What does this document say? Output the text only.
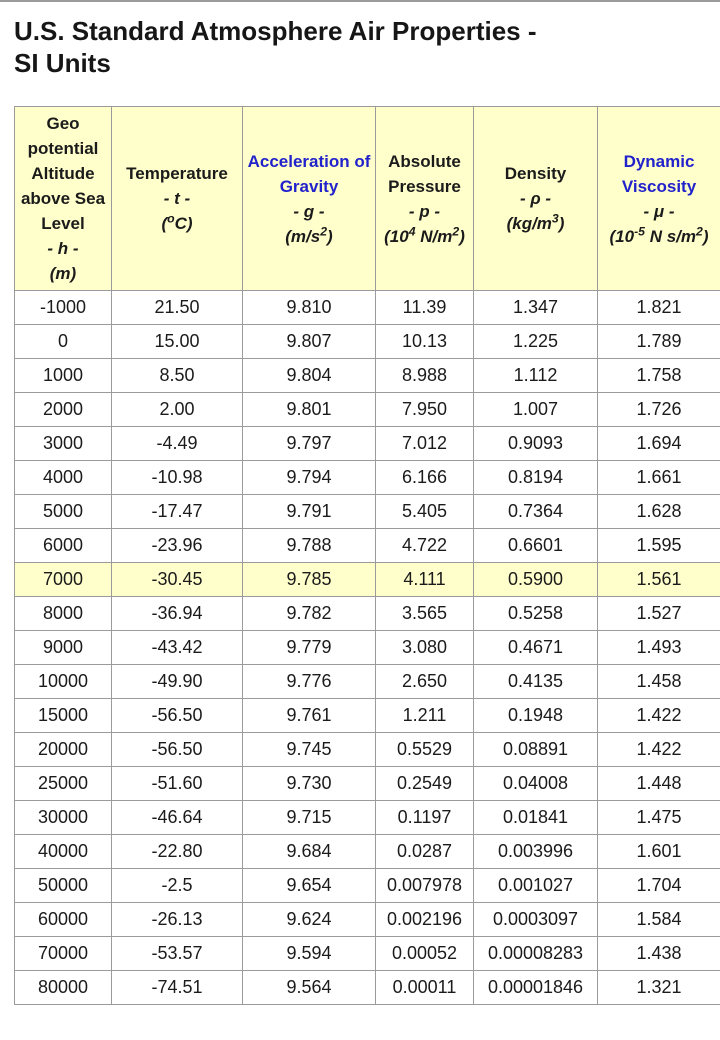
U.S. Standard Atmosphere Air Properties - SI Units
Geo potential Altitude above Sea Level
- h -
(m)

Temperature
- t -
($^o$C)

Acceleration of Gravity
- g -
$(m/s^2)$

Absolute Pressure
- p -
($10^4$ $N/m^2$)

Density
- ρ -
$(kg/m^3)$

Dynamic Viscosity
- μ -
($10^{-5}$ N $s/m^2$)

-1000	21.50	9.810	11.39	1.347	1.821
0	15.00	9.807	10.13	1.225	1.789
1000	8.50	9.804	8.988	1.112	1.758
2000	2.00	9.801	7.950	1.007	1.726
3000	-4.49	9.797	7.012	0.9093	1.694
4000	-10.98	9.794	6.166	0.8194	1.661
5000	-17.47	9.791	5.405	0.7364	1.628
6000	-23.96	9.788	4.722	0.6601	1.595
7000	-30.45	9.785	4.111	0.5900	1.561
8000	-36.94	9.782	3.565	0.5258	1.527
9000	-43.42	9.779	3.080	0.4671	1.493
10000	-49.90	9.776	2.650	0.4135	1.458
15000	-56.50	9.761	1.211	0.1948	1.422
20000	-56.50	9.745	0.5529	0.08891	1.422
25000	-51.60	9.730	0.2549	0.04008	1.448
30000	-46.64	9.715	0.1197	0.01841	1.475
40000	-22.80	9.684	0.0287	0.003996	1.601
50000	-2.5	9.654	0.007978	0.001027	1.704
60000	-26.13	9.624	0.002196	0.0003097	1.584
70000	-53.57	9.594	0.00052	0.00008283	1.438
80000	-74.51	9.564	0.00011	0.00001846	1.321
